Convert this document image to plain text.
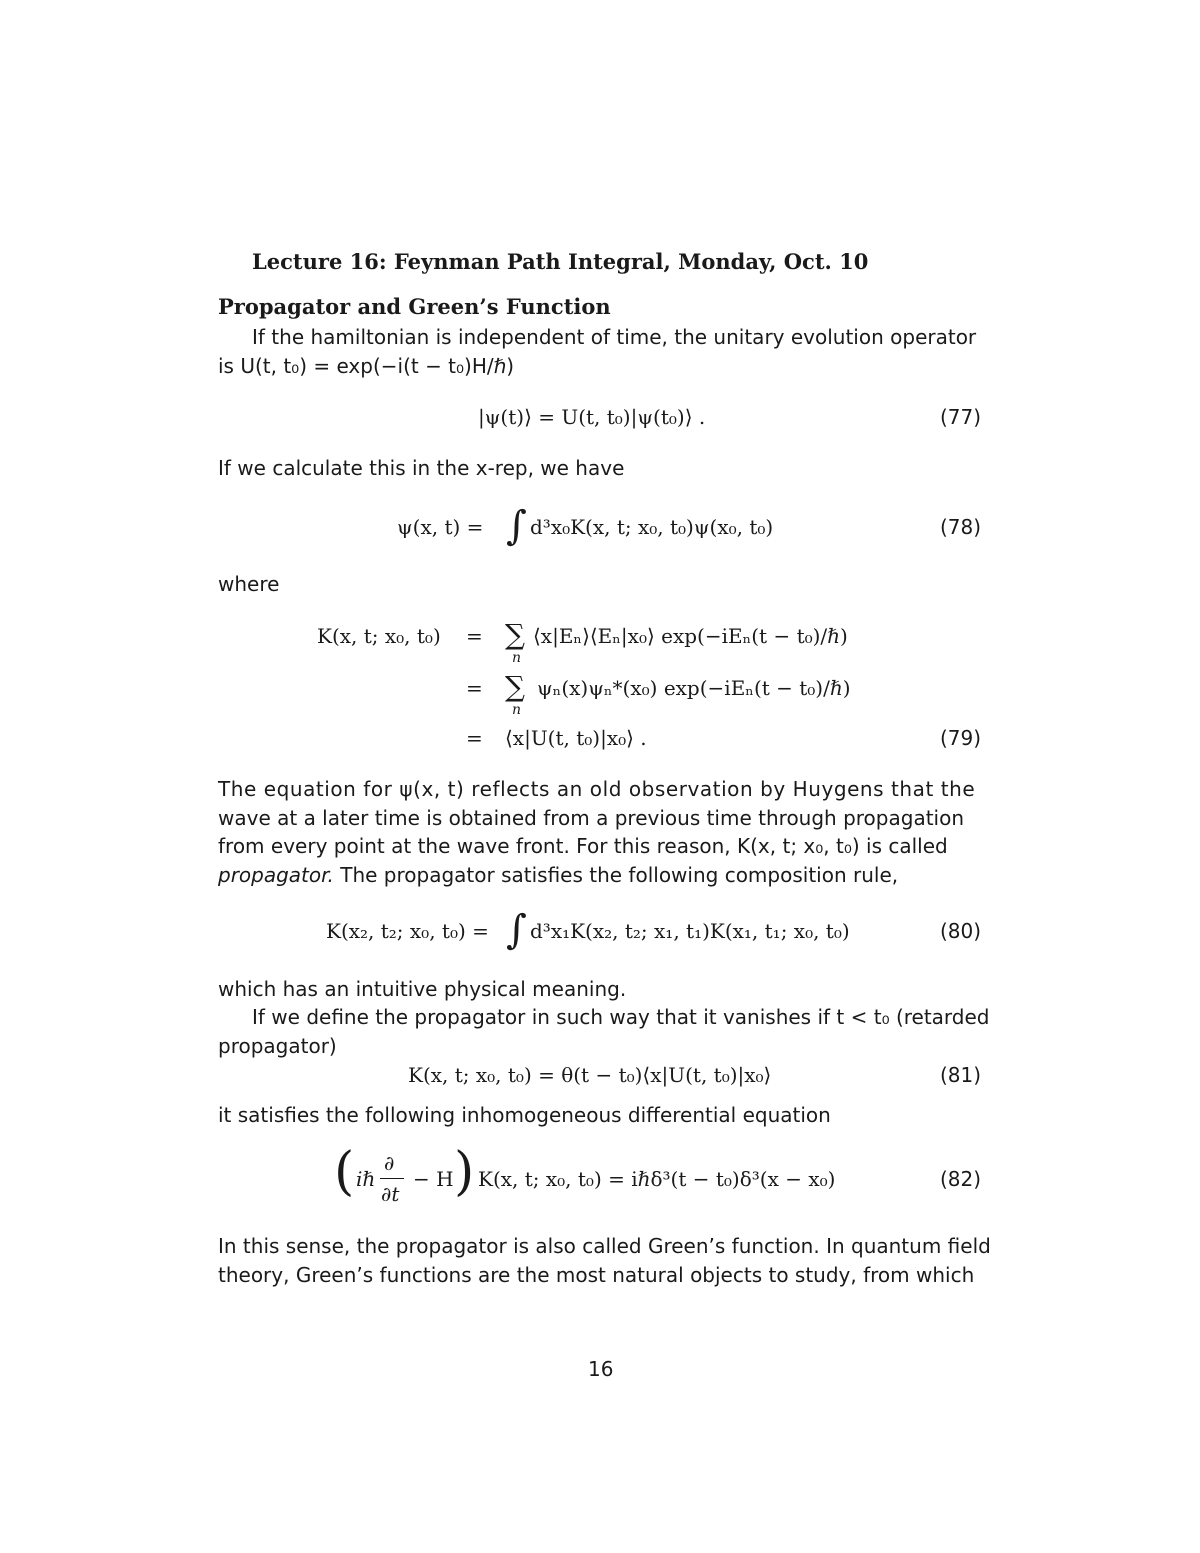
Lecture 16: Feynman Path Integral, Monday, Oct. 10
Propagator and Green’s Function
If the hamiltonian is independent of time, the unitary evolution operator
is U(t, t₀) = exp(−i(t − t₀)H/ℏ)
|ψ(t)⟩ = U(t, t₀)|ψ(t₀)⟩ .	(77)
If we calculate this in the x-rep, we have
ψ(x, t) = ∫ d³x₀K(x, t; x₀, t₀)ψ(x₀, t₀)	(78)
where
K(x, t; x₀, t₀) = ∑
n
⟨x|Eₙ⟩⟨Eₙ|x₀⟩ exp(−iEₙ(t − t₀)/ℏ)
= ∑
n
ψₙ(x)ψₙ*(x₀) exp(−iEₙ(t − t₀)/ℏ)
= ⟨x|U(t, t₀)|x₀⟩ .	(79)
The equation for ψ(x, t) reflects an old observation by Huygens that the
wave at a later time is obtained from a previous time through propagation
from every point at the wave front. For this reason, K(x, t; x₀, t₀) is called
propagator. The propagator satisfies the following composition rule,
K(x₂, t₂; x₀, t₀) = ∫ d³x₁K(x₂, t₂; x₁, t₁)K(x₁, t₁; x₀, t₀)	(80)
which has an intuitive physical meaning.
If we define the propagator in such way that it vanishes if t < t₀ (retarded
propagator)
K(x, t; x₀, t₀) = θ(t − t₀)⟨x|U(t, t₀)|x₀⟩	(81)
it satisfies the following inhomogeneous differential equation
( iℏ
∂
∂t
− H ) K(x, t; x₀, t₀) = iℏδ³(t − t₀)δ³(x − x₀)	(82)
In this sense, the propagator is also called Green’s function. In quantum field
theory, Green’s functions are the most natural objects to study, from which
16
